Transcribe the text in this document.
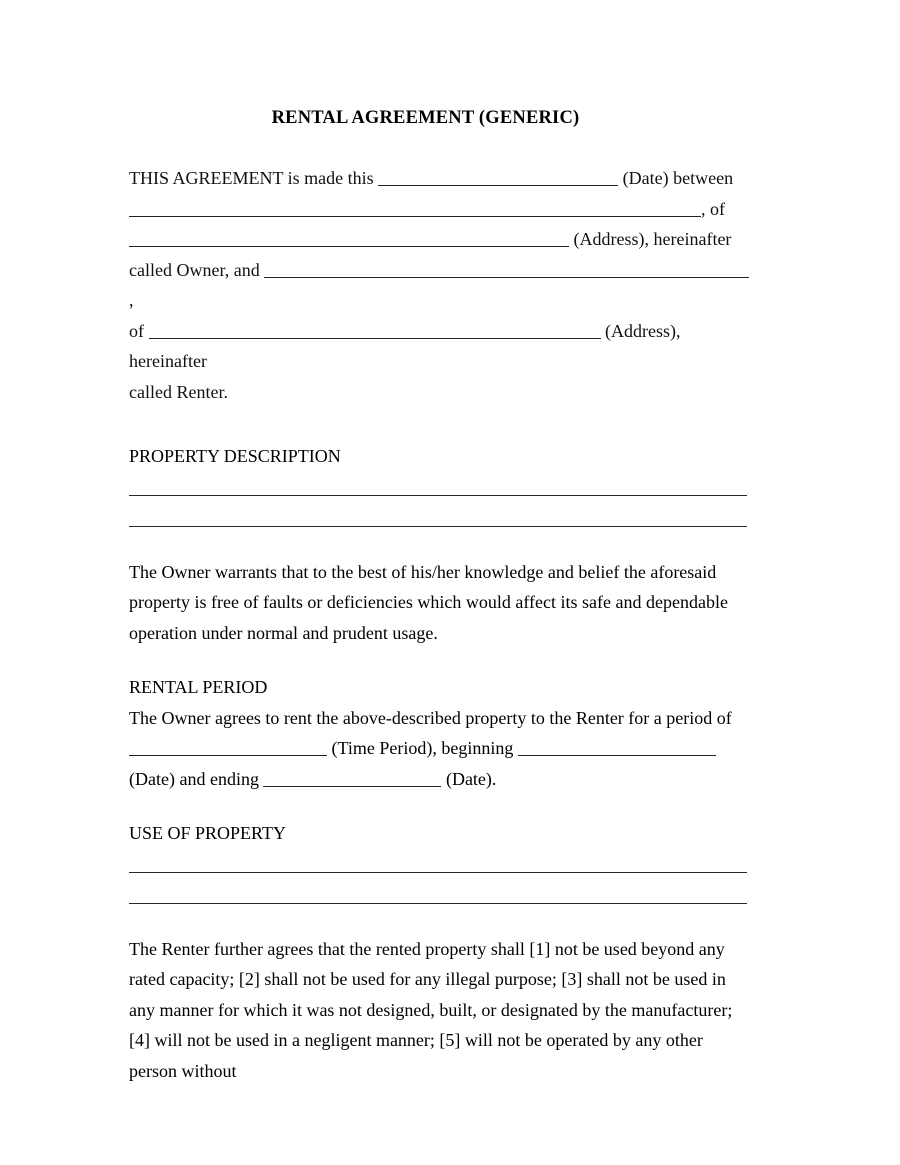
RENTAL AGREEMENT (GENERIC)
THIS AGREEMENT is made this	(Date) between
, of
(Address), hereinafter
called Owner, and ,
of	(Address), hereinafter
called Renter.
PROPERTY DESCRIPTION

The Owner warrants that to the best of his/her knowledge and belief the aforesaid property is free of faults or deficiencies which would affect its safe and dependable operation under normal and prudent usage.

RENTAL PERIOD
The Owner agrees to rent the above-described property to the Renter for a period of
(Time Period), beginning
(Date) and ending	(Date).
USE OF PROPERTY

The Renter further agrees that the rented property shall [1] not be used beyond any rated capacity; [2] shall not be used for any illegal purpose; [3] shall not be used in any manner for which it was not designed, built, or designated by the manufacturer; [4] will not be used in a negligent manner; [5] will not be operated by any other person without
